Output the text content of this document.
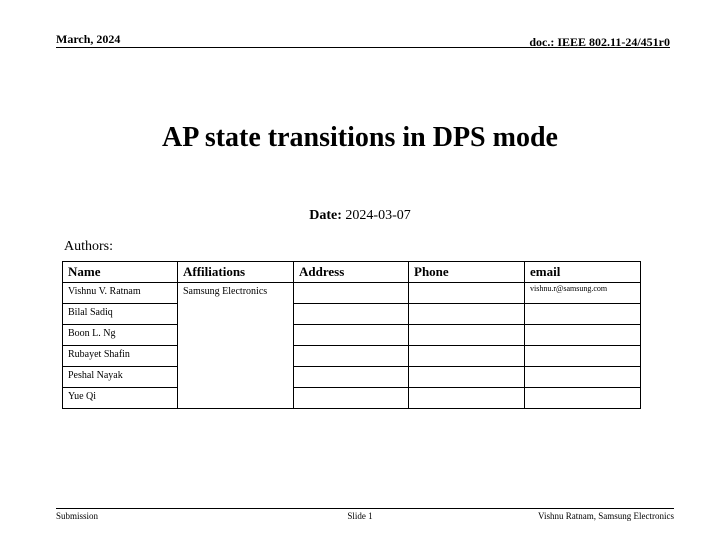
March, 2024	doc.: IEEE 802.11-24/451r0
AP state transitions in DPS mode
Date: 2024-03-07
Authors:
Name	Affiliations	Address	Phone	email
Vishnu V. Ratnam	Samsung Electronics			vishnu.r@samsung.com
Bilal Sadiq				
Boon L. Ng				
Rubayet Shafin				
Peshal Nayak				
Yue Qi				
Submission	Slide 1	Vishnu Ratnam, Samsung Electronics
